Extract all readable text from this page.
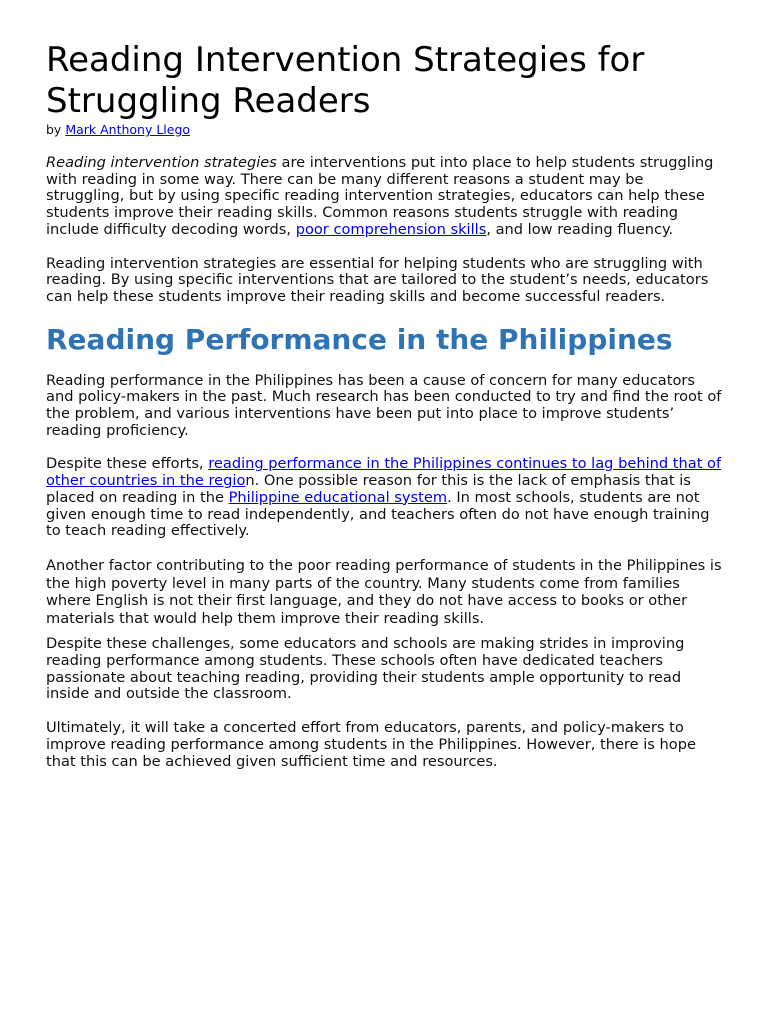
Reading Intervention Strategies for Struggling Readers
by Mark Anthony Llego

Reading intervention strategies are interventions put into place to help students struggling with reading in some way. There can be many different reasons a student may be struggling, but by using specific reading intervention strategies, educators can help these students improve their reading skills. Common reasons students struggle with reading include difficulty decoding words, poor comprehension skills, and low reading fluency.

Reading intervention strategies are essential for helping students who are struggling with reading. By using specific interventions that are tailored to the student’s needs, educators can help these students improve their reading skills and become successful readers.

Reading Performance in the Philippines

Reading performance in the Philippines has been a cause of concern for many educators and policy-makers in the past. Much research has been conducted to try and find the root of the problem, and various interventions have been put into place to improve students’ reading proficiency.

Despite these efforts, reading performance in the Philippines continues to lag behind that of other countries in the region. One possible reason for this is the lack of emphasis that is placed on reading in the Philippine educational system. In most schools, students are not given enough time to read independently, and teachers often do not have enough training to teach reading effectively.

Another factor contributing to the poor reading performance of students in the Philippines is the high poverty level in many parts of the country. Many students come from families where English is not their first language, and they do not have access to books or other materials that would help them improve their reading skills.

Despite these challenges, some educators and schools are making strides in improving reading performance among students. These schools often have dedicated teachers passionate about teaching reading, providing their students ample opportunity to read inside and outside the classroom.

Ultimately, it will take a concerted effort from educators, parents, and policy-makers to improve reading performance among students in the Philippines. However, there is hope that this can be achieved given sufficient time and resources.
